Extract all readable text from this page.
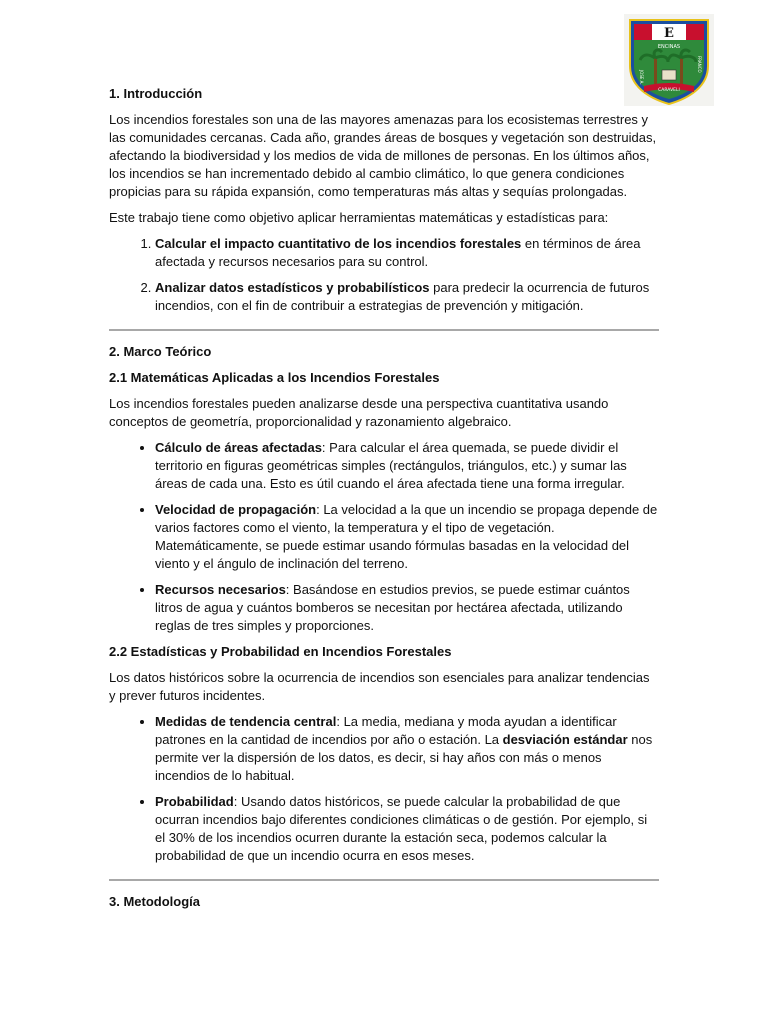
E
ENCINAS
JOSE A.
FRANCO
CARAVELI
1. Introducción

Los incendios forestales son una de las mayores amenazas para los ecosistemas terrestres y las comunidades cercanas. Cada año, grandes áreas de bosques y vegetación son destruidas, afectando la biodiversidad y los medios de vida de millones de personas. En los últimos años, los incendios se han incrementado debido al cambio climático, lo que genera condiciones propicias para su rápida expansión, como temperaturas más altas y sequías prolongadas.

Este trabajo tiene como objetivo aplicar herramientas matemáticas y estadísticas para:

1. Calcular el impacto cuantitativo de los incendios forestales en términos de área afectada y recursos necesarios para su control.
2. Analizar datos estadísticos y probabilísticos para predecir la ocurrencia de futuros incendios, con el fin de contribuir a estrategias de prevención y mitigación.
2. Marco Teórico
2.1 Matemáticas Aplicadas a los Incendios Forestales

Los incendios forestales pueden analizarse desde una perspectiva cuantitativa usando conceptos de geometría, proporcionalidad y razonamiento algebraico.

• Cálculo de áreas afectadas: Para calcular el área quemada, se puede dividir el territorio en figuras geométricas simples (rectángulos, triángulos, etc.) y sumar las áreas de cada una. Esto es útil cuando el área afectada tiene una forma irregular.
• Velocidad de propagación: La velocidad a la que un incendio se propaga depende de varios factores como el viento, la temperatura y el tipo de vegetación. Matemáticamente, se puede estimar usando fórmulas basadas en la velocidad del viento y el ángulo de inclinación del terreno.
• Recursos necesarios: Basándose en estudios previos, se puede estimar cuántos litros de agua y cuántos bomberos se necesitan por hectárea afectada, utilizando reglas de tres simples y proporciones.
2.2 Estadísticas y Probabilidad en Incendios Forestales

Los datos históricos sobre la ocurrencia de incendios son esenciales para analizar tendencias y prever futuros incidentes.

• Medidas de tendencia central: La media, mediana y moda ayudan a identificar patrones en la cantidad de incendios por año o estación. La desviación estándar nos permite ver la dispersión de los datos, es decir, si hay años con más o menos incendios de lo habitual.
• Probabilidad: Usando datos históricos, se puede calcular la probabilidad de que ocurran incendios bajo diferentes condiciones climáticas o de gestión. Por ejemplo, si el 30% de los incendios ocurren durante la estación seca, podemos calcular la probabilidad de que un incendio ocurra en esos meses.
3. Metodología
